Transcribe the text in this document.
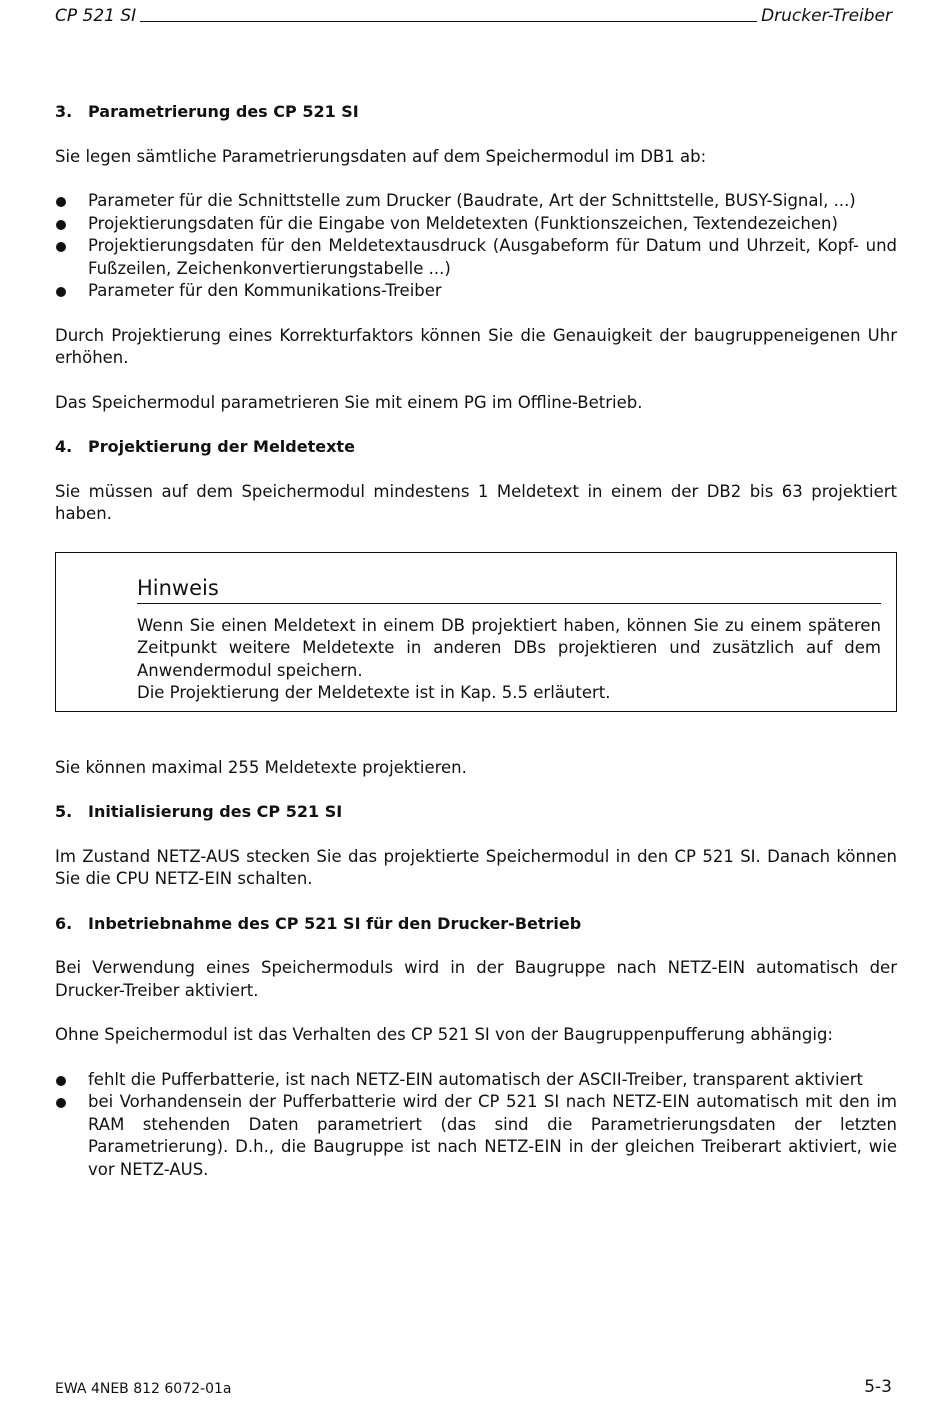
CP 521 SI	Drucker-Treiber
3. Parametrierung des CP 521 SI

Sie legen sämtliche Parametrierungsdaten auf dem Speichermodul im DB1 ab:

Parameter für die Schnittstelle zum Drucker (Baudrate, Art der Schnittstelle, BUSY-Signal, ...)
Projektierungsdaten für die Eingabe von Meldetexten (Funktionszeichen, Textendezeichen)
Projektierungsdaten für den Meldetextausdruck (Ausgabeform für Datum und Uhrzeit, Kopf- und Fußzeilen, Zeichenkonvertierungstabelle ...)
Parameter für den Kommunikations-Treiber

Durch Projektierung eines Korrekturfaktors können Sie die Genauigkeit der baugruppeneigenen Uhr erhöhen.

Das Speichermodul parametrieren Sie mit einem PG im Offline-Betrieb.

4. Projektierung der Meldetexte

Sie müssen auf dem Speichermodul mindestens 1 Meldetext in einem der DB2 bis 63 projektiert haben.

Hinweis

Wenn Sie einen Meldetext in einem DB projektiert haben, können Sie zu einem späteren Zeitpunkt weitere Meldetexte in anderen DBs projektieren und zusätzlich auf dem Anwendermodul speichern.

Die Projektierung der Meldetexte ist in Kap. 5.5 erläutert.

Sie können maximal 255 Meldetexte projektieren.

5. Initialisierung des CP 521 SI

Im Zustand NETZ-AUS stecken Sie das projektierte Speichermodul in den CP 521 SI. Danach können Sie die CPU NETZ-EIN schalten.

6. Inbetriebnahme des CP 521 SI für den Drucker-Betrieb

Bei Verwendung eines Speichermoduls wird in der Baugruppe nach NETZ-EIN automatisch der Drucker-Treiber aktiviert.

Ohne Speichermodul ist das Verhalten des CP 521 SI von der Baugruppenpufferung abhängig:

fehlt die Pufferbatterie, ist nach NETZ-EIN automatisch der ASCII-Treiber, transparent aktiviert
bei Vorhandensein der Pufferbatterie wird der CP 521 SI nach NETZ-EIN automatisch mit den im RAM stehenden Daten parametriert (das sind die Parametrierungsdaten der letzten Parametrierung). D.h., die Baugruppe ist nach NETZ-EIN in der gleichen Treiberart aktiviert, wie vor NETZ-AUS.
EWA 4NEB 812 6072-01a	5-3
